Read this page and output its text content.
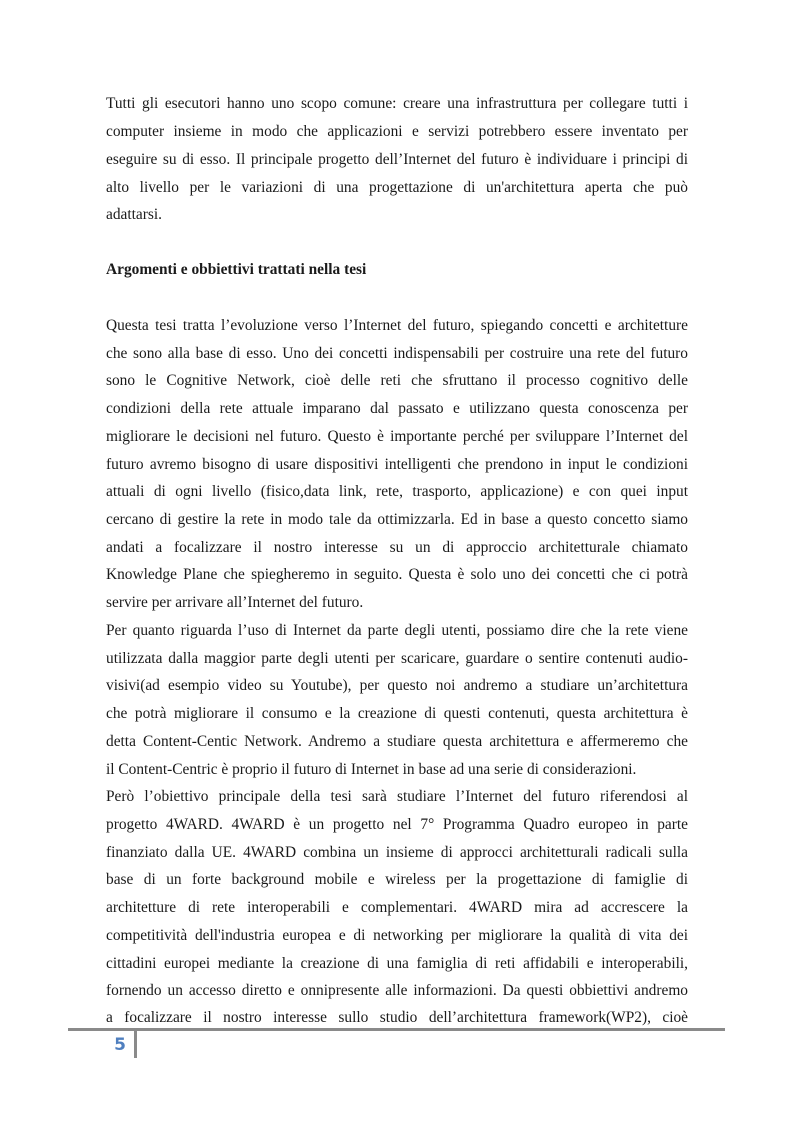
Tutti gli esecutori hanno uno scopo comune: creare una infrastruttura per collegare tutti i
computer insieme in modo che applicazioni e servizi potrebbero essere inventato per
eseguire su di esso. Il principale progetto dell’Internet del futuro è individuare i principi di
alto livello per le variazioni di una progettazione di un'architettura aperta che può
adattarsi.
Argomenti e obbiettivi trattati nella tesi
Questa tesi tratta l’evoluzione verso l’Internet del futuro, spiegando concetti e architetture
che sono alla base di esso. Uno dei concetti indispensabili per costruire una rete del futuro
sono le Cognitive Network, cioè delle reti che sfruttano il processo cognitivo delle
condizioni della rete attuale imparano dal passato e utilizzano questa conoscenza per
migliorare le decisioni nel futuro. Questo è importante perché per sviluppare l’Internet del
futuro avremo bisogno di usare dispositivi intelligenti che prendono in input le condizioni
attuali di ogni livello (fisico,data link, rete, trasporto, applicazione) e con quei input
cercano di gestire la rete in modo tale da ottimizzarla. Ed in base a questo concetto siamo
andati a focalizzare il nostro interesse su un di approccio architetturale chiamato
Knowledge Plane che spiegheremo in seguito. Questa è solo uno dei concetti che ci potrà
servire per arrivare all’Internet del futuro.
Per quanto riguarda l’uso di Internet da parte degli utenti, possiamo dire che la rete viene
utilizzata dalla maggior parte degli utenti per scaricare, guardare o sentire contenuti audio-
visivi(ad esempio video su Youtube), per questo noi andremo a studiare un’architettura
che potrà migliorare il consumo e la creazione di questi contenuti, questa architettura è
detta Content-Centic Network. Andremo a studiare questa architettura e affermeremo che
il Content-Centric è proprio il futuro di Internet in base ad una serie di considerazioni.
Però l’obiettivo principale della tesi sarà studiare l’Internet del futuro riferendosi al
progetto 4WARD. 4WARD è un progetto nel 7° Programma Quadro europeo in parte
finanziato dalla UE. 4WARD combina un insieme di approcci architetturali radicali sulla
base di un forte background mobile e wireless per la progettazione di famiglie di
architetture di rete interoperabili e complementari. 4WARD mira ad accrescere la
competitività dell'industria europea e di networking per migliorare la qualità di vita dei
cittadini europei mediante la creazione di una famiglia di reti affidabili e interoperabili,
fornendo un accesso diretto e onnipresente alle informazioni. Da questi obbiettivi andremo
a focalizzare il nostro interesse sullo studio dell’architettura framework(WP2), cioè
5
